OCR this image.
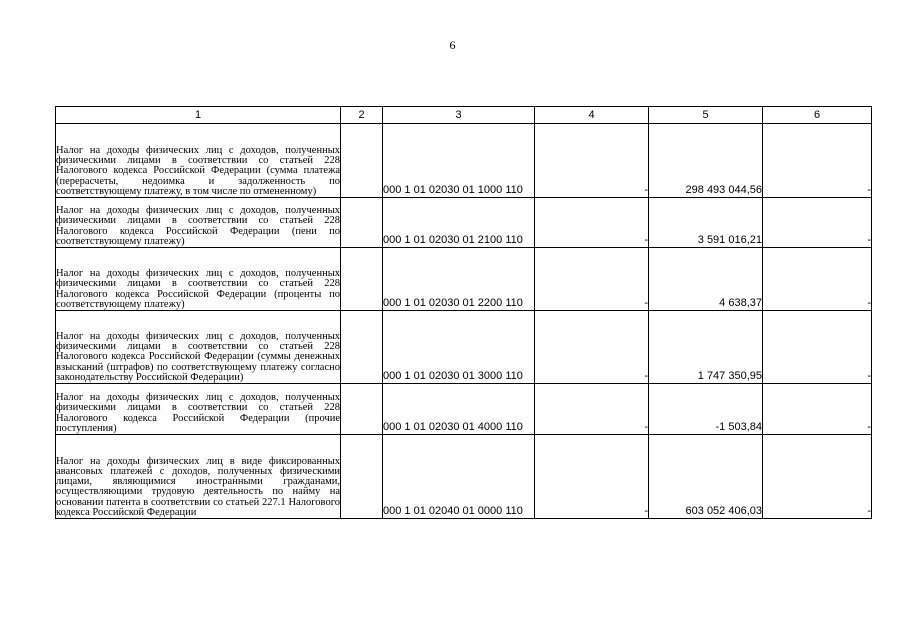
6
1	2	3	4	5	6
Налог на доходы физических лиц с доходов, полученных физическими лицами в соответствии со статьей 228 Налогового кодекса Российской Федерации (сумма платежа (перерасчеты, недоимка и задолженность по соответствующему платежу, в том числе по отмененному)		000 1 01 02030 01 1000 110	-	298 493 044,56	-
Налог на доходы физических лиц с доходов, полученных физическими лицами в соответствии со статьей 228 Налогового кодекса Российской Федерации (пени по соответствующему платежу)		000 1 01 02030 01 2100 110	-	3 591 016,21	-
Налог на доходы физических лиц с доходов, полученных физическими лицами в соответствии со статьей 228 Налогового кодекса Российской Федерации (проценты по соответствующему платежу)		000 1 01 02030 01 2200 110	-	4 638,37	-
Налог на доходы физических лиц с доходов, полученных физическими лицами в соответствии со статьей 228 Налогового кодекса Российской Федерации (суммы денежных взысканий (штрафов) по соответствующему платежу согласно законодательству Российской Федерации)		000 1 01 02030 01 3000 110	-	1 747 350,95	-
Налог на доходы физических лиц с доходов, полученных физическими лицами в соответствии со статьей 228 Налогового кодекса Российской Федерации (прочие поступления)		000 1 01 02030 01 4000 110	-	-1 503,84	-
Налог на доходы физических лиц в виде фиксированных авансовых платежей с доходов, полученных физическими лицами, являющимися иностранными гражданами, осуществляющими трудовую деятельность по найму на основании патента в соответствии со статьей 227.1 Налогового кодекса Российской Федерации		000 1 01 02040 01 0000 110	-	603 052 406,03	-
